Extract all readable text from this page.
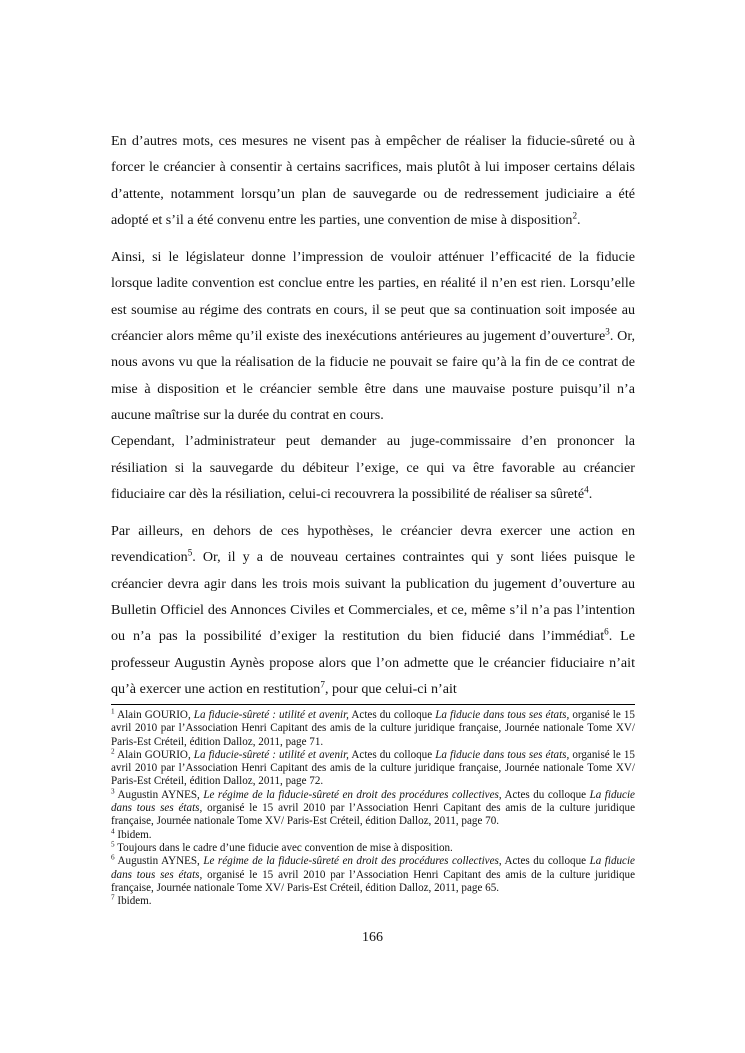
En d’autres mots, ces mesures ne visent pas à empêcher de réaliser la fiducie-sûreté ou à forcer le créancier à consentir à certains sacrifices, mais plutôt à lui imposer certains délais d’attente, notamment lorsqu’un plan de sauvegarde ou de redressement judiciaire a été adopté et s’il a été convenu entre les parties, une convention de mise à disposition$^2$.

Ainsi, si le législateur donne l’impression de vouloir atténuer l’efficacité de la fiducie lorsque ladite convention est conclue entre les parties, en réalité il n’en est rien. Lorsqu’elle est soumise au régime des contrats en cours, il se peut que sa continuation soit imposée au créancier alors même qu’il existe des inexécutions antérieures au jugement d’ouverture$^3$. Or, nous avons vu que la réalisation de la fiducie ne pouvait se faire qu’à la fin de ce contrat de mise à disposition et le créancier semble être dans une mauvaise posture puisqu’il n’a aucune maîtrise sur la durée du contrat en cours.

Cependant, l’administrateur peut demander au juge-commissaire d’en prononcer la résiliation si la sauvegarde du débiteur l’exige, ce qui va être favorable au créancier fiduciaire car dès la résiliation, celui-ci recouvrera la possibilité de réaliser sa sûreté$^4$.

Par ailleurs, en dehors de ces hypothèses, le créancier devra exercer une action en revendication$^5$. Or, il y a de nouveau certaines contraintes qui y sont liées puisque le créancier devra agir dans les trois mois suivant la publication du jugement d’ouverture au Bulletin Officiel des Annonces Civiles et Commerciales, et ce, même s’il n’a pas l’intention ou n’a pas la possibilité d’exiger la restitution du bien fiducié dans l’immédiat$^6$. Le professeur Augustin Aynès propose alors que l’on admette que le créancier fiduciaire n’ait qu’à exercer une action en restitution$^7$, pour que celui-ci n’ait

$^1$ Alain GOURIO, La fiducie-sûreté : utilité et avenir, Actes du colloque La fiducie dans tous ses états, organisé le 15 avril 2010 par l’Association Henri Capitant des amis de la culture juridique française, Journée nationale Tome XV/ Paris-Est Créteil, édition Dalloz, 2011, page 71.

$^2$ Alain GOURIO, La fiducie-sûreté : utilité et avenir, Actes du colloque La fiducie dans tous ses états, organisé le 15 avril 2010 par l’Association Henri Capitant des amis de la culture juridique française, Journée nationale Tome XV/ Paris-Est Créteil, édition Dalloz, 2011, page 72.

$^3$ Augustin AYNES, Le régime de la fiducie-sûreté en droit des procédures collectives, Actes du colloque La fiducie dans tous ses états, organisé le 15 avril 2010 par l’Association Henri Capitant des amis de la culture juridique française, Journée nationale Tome XV/ Paris-Est Créteil, édition Dalloz, 2011, page 70.

$^4$ Ibidem.

$^5$ Toujours dans le cadre d’une fiducie avec convention de mise à disposition.

$^6$ Augustin AYNES, Le régime de la fiducie-sûreté en droit des procédures collectives, Actes du colloque La fiducie dans tous ses états, organisé le 15 avril 2010 par l’Association Henri Capitant des amis de la culture juridique française, Journée nationale Tome XV/ Paris-Est Créteil, édition Dalloz, 2011, page 65.

$^7$ Ibidem.

166
